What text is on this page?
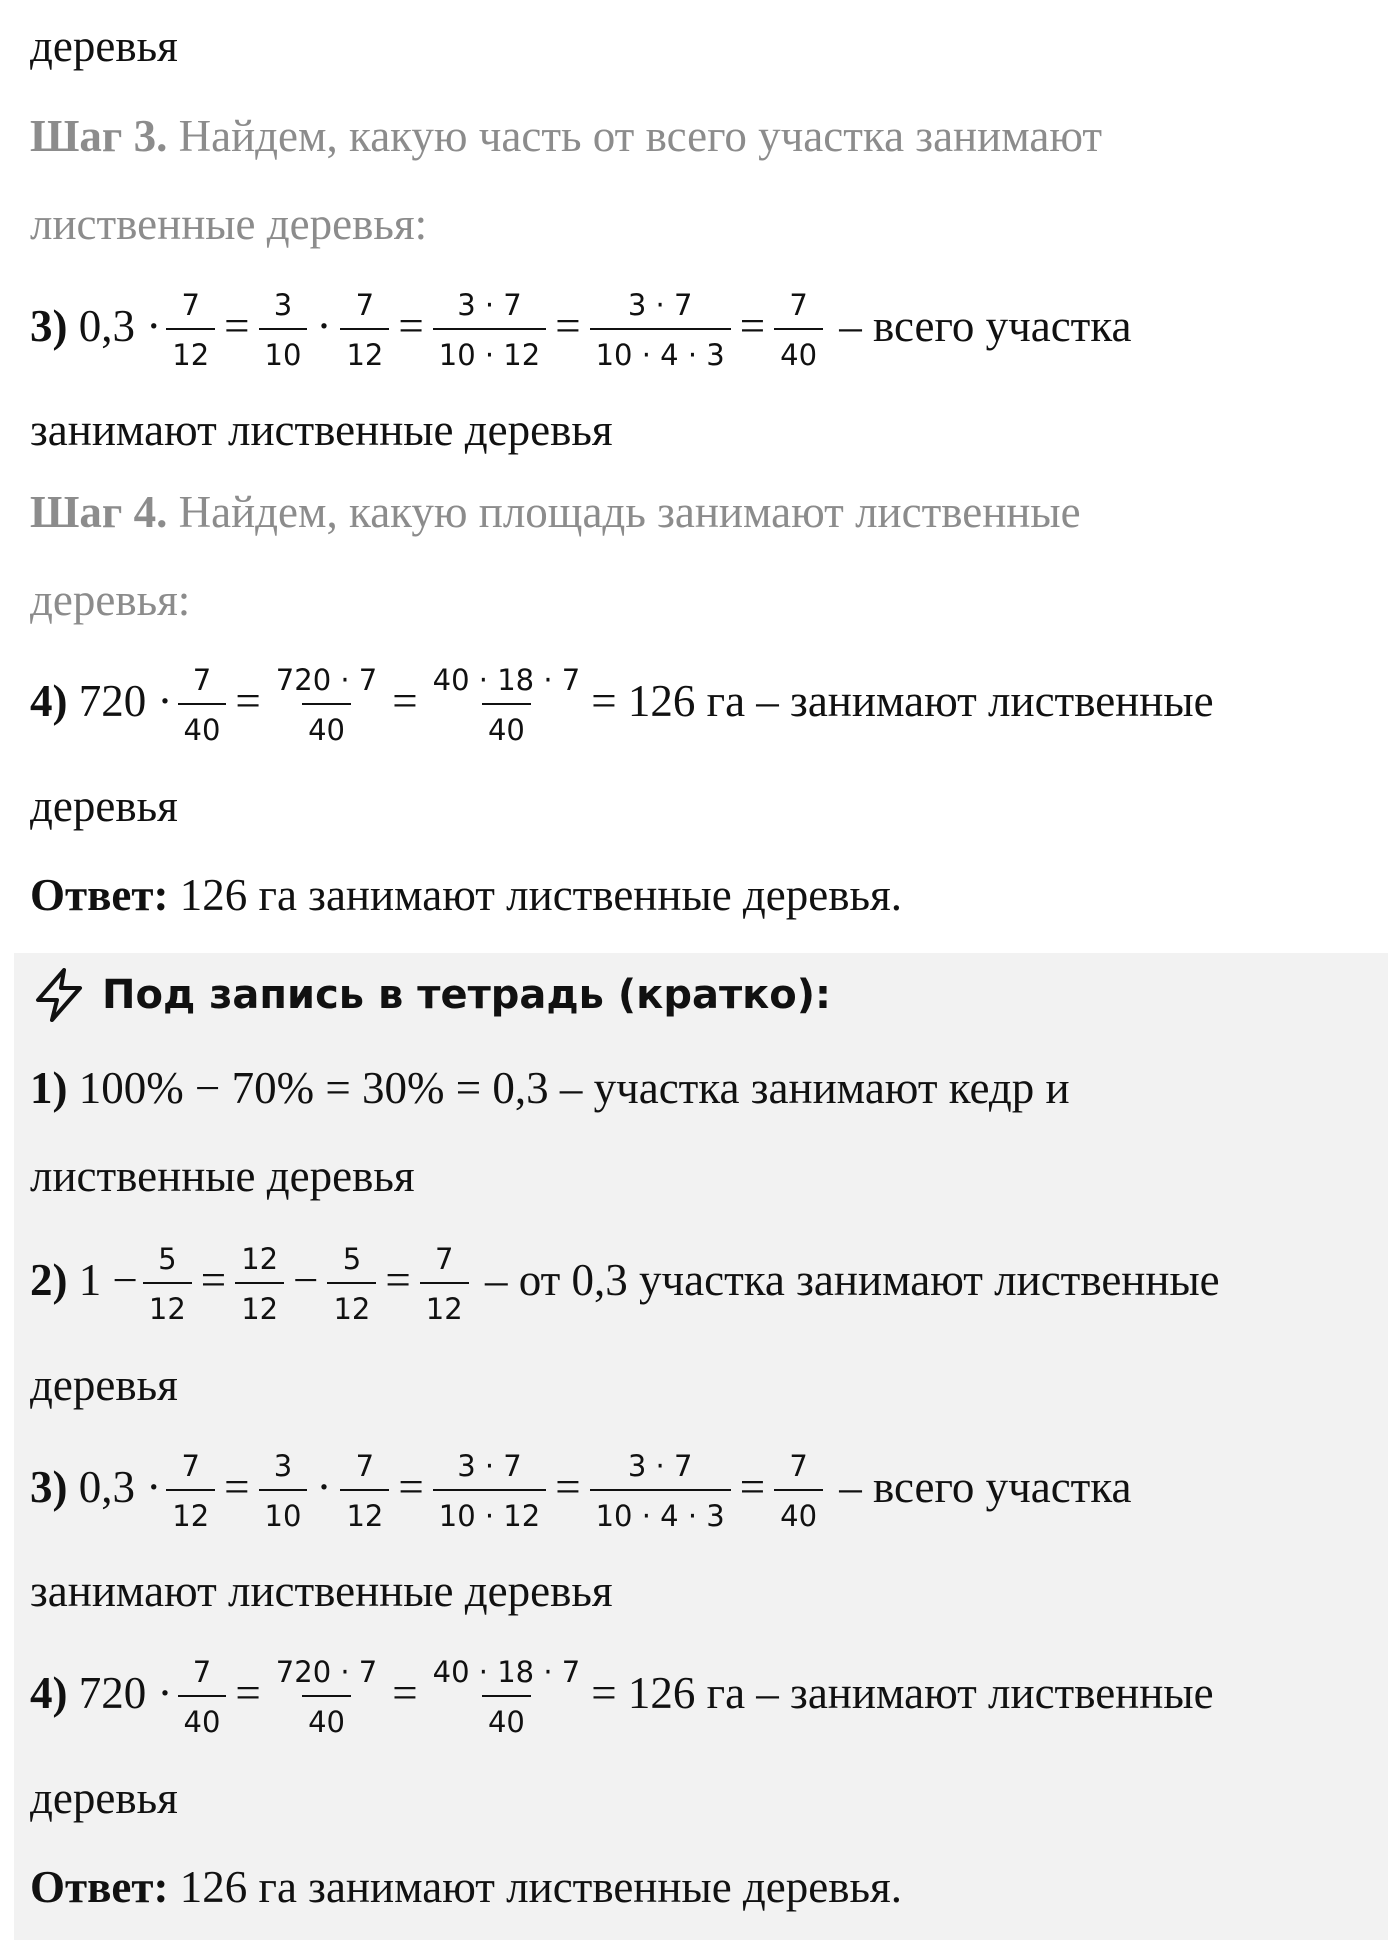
деревья
Шаг 3. Найдем, какую часть от всего участка занимают
лиственные деревья:
3) $0,3 \cdot \frac{7}{12} = \frac{3}{10} \cdot \frac{7}{12} = \frac{3 \cdot 7}{10 \cdot 12} = \frac{3 \cdot 7}{10 \cdot 4 \cdot 3} = \frac{7}{40}$ – всего участка
занимают лиственные деревья
Шаг 4. Найдем, какую площадь занимают лиственные
деревья:
4) $720 \cdot \frac{7}{40} = \frac{720 \cdot 7}{40} = \frac{40 \cdot 18 \cdot 7}{40} = 126$ га – занимают лиственные
деревья
Ответ: 126 га занимают лиственные деревья.
Под запись в тетрадь (кратко):
1) 100% − 70% = 30% = 0,3 – участка занимают кедр и
лиственные деревья
2) $1 - \frac{5}{12} = \frac{12}{12} - \frac{5}{12} = \frac{7}{12}$ – от 0,3 участка занимают лиственные
деревья
3) $0,3 \cdot \frac{7}{12} = \frac{3}{10} \cdot \frac{7}{12} = \frac{3 \cdot 7}{10 \cdot 12} = \frac{3 \cdot 7}{10 \cdot 4 \cdot 3} = \frac{7}{40}$ – всего участка
занимают лиственные деревья
4) $720 \cdot \frac{7}{40} = \frac{720 \cdot 7}{40} = \frac{40 \cdot 18 \cdot 7}{40} = 126$ га – занимают лиственные
деревья
Ответ: 126 га занимают лиственные деревья.
